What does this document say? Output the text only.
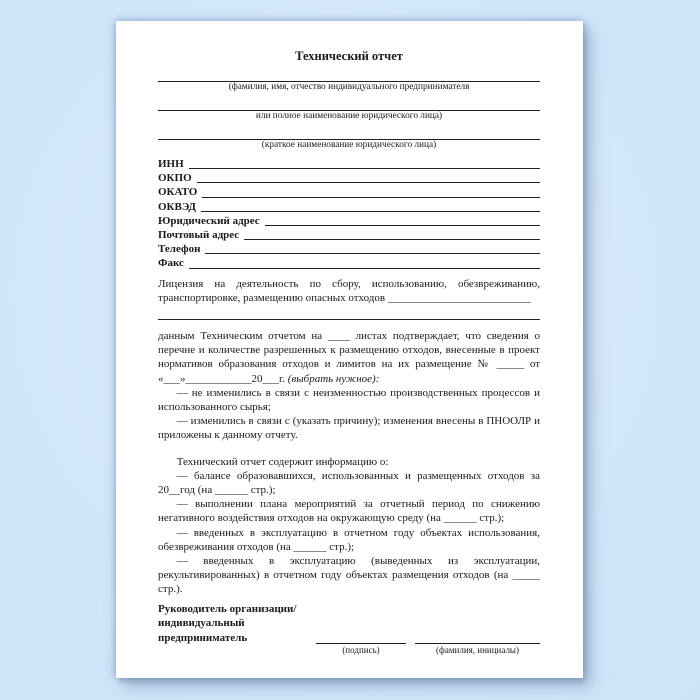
Технический отчет
(фамилия, имя, отчество индивидуального предпринимателя
или полное наименование юридического лица)
(краткое наименование юридического лица)
ИНН
ОКПО
ОКАТО
ОКВЭД
Юридический адрес
Почтовый адрес
Телефон
Факс

Лицензия на деятельность по сбору, использованию, обезвреживанию, транспортировке, размещению опасных отходов __________________________

данным Техническим отчетом на ____ листах подтверждает, что сведения о перечне и количестве разрешенных к размещению отходов, внесенные в проект нормативов образования отходов и лимитов на их размещение № _____ от «___»____________20___г. (выбрать нужное):

— не изменились в связи с неизменностью производственных процессов и использованного сырья;

— изменились в связи с (указать причину); изменения внесены в ПНООЛР и приложены к данному отчету.

Технический отчет содержит информацию о:

— балансе образовавшихся, использованных и размещенных отходов за 20__год (на ______ стр.);

— выполнении плана мероприятий за отчетный период по снижению негативного воздействия отходов на окружающую среду (на ______ стр.);

— введенных в эксплуатацию в отчетном году объектах использования, обезвреживания отходов (на ______ стр.);

— введенных в эксплуатацию (выведенных из эксплуатации, рекультивированных) в отчетном году объектах размещения отходов (на _____ стр.).

Руководитель организации/
индивидуальный
предприниматель
(подпись)	(фамилия, инициалы)
